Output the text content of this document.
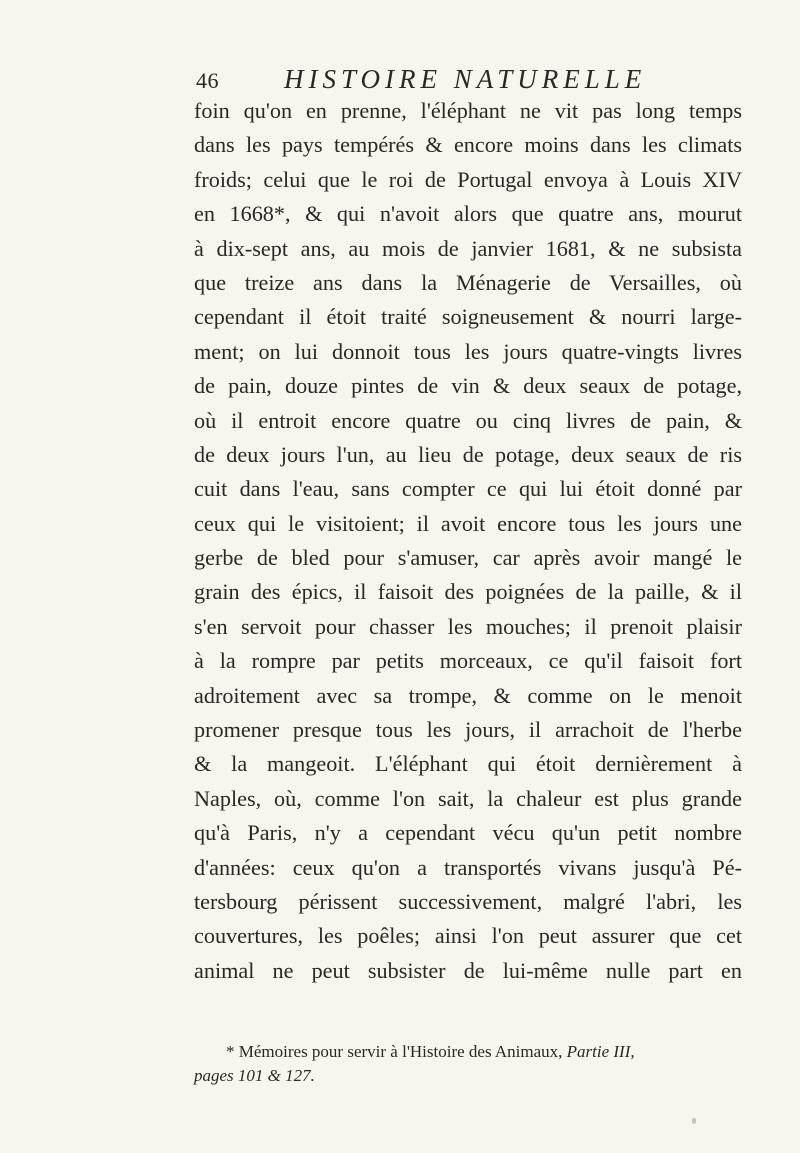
46 HISTOIRE NATURELLE
foin qu'on en prenne, l'éléphant ne vit pas long temps
dans les pays tempérés & encore moins dans les climats
froids; celui que le roi de Portugal envoya à Louis XIV
en 1668*, & qui n'avoit alors que quatre ans, mourut
à dix-sept ans, au mois de janvier 1681, & ne subsista
que treize ans dans la Ménagerie de Versailles, où
cependant il étoit traité soigneusement & nourri large-
ment; on lui donnoit tous les jours quatre-vingts livres
de pain, douze pintes de vin & deux seaux de potage,
où il entroit encore quatre ou cinq livres de pain, &
de deux jours l'un, au lieu de potage, deux seaux de ris
cuit dans l'eau, sans compter ce qui lui étoit donné par
ceux qui le visitoient; il avoit encore tous les jours une
gerbe de bled pour s'amuser, car après avoir mangé le
grain des épics, il faisoit des poignées de la paille, & il
s'en servoit pour chasser les mouches; il prenoit plaisir
à la rompre par petits morceaux, ce qu'il faisoit fort
adroitement avec sa trompe, & comme on le menoit
promener presque tous les jours, il arrachoit de l'herbe
& la mangeoit. L'éléphant qui étoit dernièrement à
Naples, où, comme l'on sait, la chaleur est plus grande
qu'à Paris, n'y a cependant vécu qu'un petit nombre
d'années: ceux qu'on a transportés vivans jusqu'à Pé-
tersbourg périssent successivement, malgré l'abri, les
couvertures, les poêles; ainsi l'on peut assurer que cet
animal ne peut subsister de lui-même nulle part en
* Mémoires pour servir à l'Histoire des Animaux, Partie III,
pages 101 & 127.
